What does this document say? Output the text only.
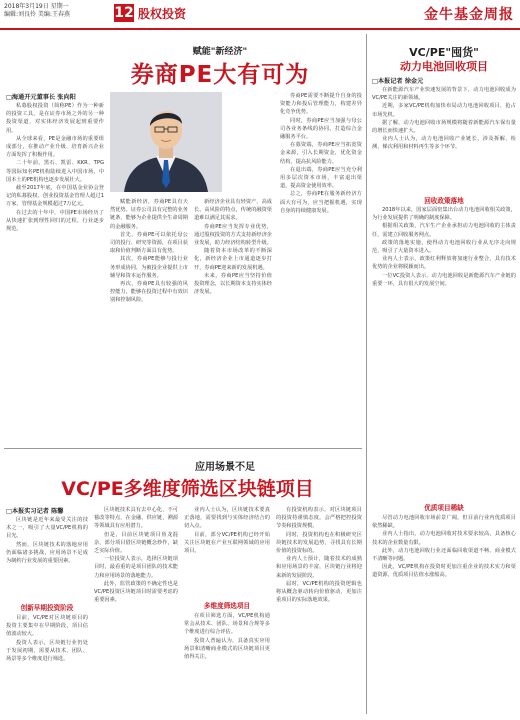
2018年3月19日 星期一
编辑:刘良伶 美编:王春燕	12 股权投资	金牛基金周报
赋能"新经济"
券商PE大有可为
□海通开元董事长 张向阳

私募股权投资（简称PE）作为一种新的投资工具，是在证券市场之外的另一种投资渠道，对实体经济发展起到重要作用。

从全球来看，PE是金融市场的重要组成部分，在推动产业升级、培育新兴企业方面发挥了积极作用。

二十年前，黑石、凯雷、KKR、TPG等国际知名PE机构陆续进入中国市场，中国本土的PE机构也逐步发展壮大。

截至2017年底，在中国基金业协会登记的私募股权、创业投资基金管理人超过1万家，管理基金规模超过7万亿元。

在过去的十年中，中国PE市场经历了从快速扩张到理性回归的过程，行业逐步规范。

赋能新经济，券商PE具有天然优势。证券公司具有完整的业务链条，能够为企业提供全生命周期的金融服务。

首先，券商PE可以依托母公司的投行、研究等资源，在项目获取和价值判断方面具有优势。

其次，券商PE能够与投行业务形成协同，为被投企业提供上市辅导和资本运作服务。

再次，券商PE具有较强的风控能力，能够在投资过程中有效识别和控制风险。

新经济企业具有轻资产、高成长、高风险的特点，传统的融资渠道难以满足其需求。

券商PE应当发挥专业优势，通过股权投资的方式支持新经济企业发展，助力经济结构转型升级。

随着资本市场改革的不断深化，新经济企业上市通道逐步打开，券商PE迎来新的发展机遇。

未来，券商PE应当坚持价值投资理念，以长期资本支持实体经济发展。

券商PE需要不断提升自身的投资能力和投后管理能力，构建差异化竞争优势。

同时，券商PE应当加强与母公司各业务条线的协同，打造综合金融服务平台。

在募资端，券商PE应当拓宽资金来源，引入长期资金，优化资金结构，提高抗风险能力。

在退出端，券商PE应当充分利用多层次资本市场，丰富退出渠道，提高资金使用效率。

总之，券商PE在服务新经济方面大有可为，应当把握机遇，实现自身的持续健康发展。

VC/PE"囤货"
动力电池回收项目
□本报记者 徐金元

在新能源汽车产业快速发展的背景下，动力电池回收成为VC/PE关注的新领域。

近期，多家VC/PE机构加快布局动力电池回收项目，抢占市场先机。

据了解，动力电池回收市场规模将随着新能源汽车保有量的增长而快速扩大。

业内人士认为，动力电池回收产业链长，涉及拆解、检测、梯次利用和材料再生等多个环节。

回收政策落地

2018年以来，国家层面密集出台动力电池回收相关政策，为行业发展提供了明确的制度保障。

根据相关政策，汽车生产企业承担动力电池回收的主体责任，需建立回收服务网点。

政策的落地实施，使得动力电池回收行业从无序走向规范，吸引了大量资本进入。

业内人士表示，政策红利释放将加速行业整合，具有技术优势的企业将脱颖而出。

一位VC投资人表示，动力电池回收是新能源汽车产业链的重要一环，具有很大的发展空间。

优质项目稀缺

尽管动力电池回收市场前景广阔，但目前行业内优质项目依然稀缺。

业内人士指出，动力电池回收对技术要求较高，具备核心技术的企业数量有限。

此外，动力电池回收行业还面临回收渠道不畅、商业模式不清晰等问题。

因此，VC/PE机构在投资时更加注重企业的技术实力和渠道资源，优质项目估值水涨船高。

应用场景不足
VC/PE多维度筛选区块链项目
□本报实习记者 陈馨

区块链是近年来最受关注的技术之一，吸引了大量VC/PE机构的目光。

然而，区块链技术的落地应用仍面临诸多挑战，应用场景不足成为制约行业发展的重要因素。

创新早期投资阶段

目前，VC/PE对区块链项目的投资主要集中在早期阶段，项目估值波动较大。

投资人表示，区块链行业仍处于发展初期，需要从技术、团队、场景等多个维度进行筛选。

区块链技术具有去中心化、不可篡改等特点，在金融、供应链、溯源等领域具有应用潜力。

但是，目前区块链项目鱼龙混杂，部分项目借区块链概念炒作，缺乏实际价值。

一位投资人表示，选择区块链项目时，最看重的是项目团队的技术能力和应用场景的落地能力。

此外，监管政策的不确定性也是VC/PE投资区块链项目时需要考虑的重要因素。

业内人士认为，区块链技术要真正落地，需要找到与实体经济结合的切入点。

目前，部分VC/PE机构已经开始关注区块链在产业互联网领域的应用项目。

多维度筛选项目

在项目筛选方面，VC/PE机构通常会从技术、团队、场景和合规等多个维度进行综合评估。

投资人普遍认为，具备真实应用场景和清晰商业模式的区块链项目更值得关注。

有投资机构表示，对区块链项目的投资持谨慎态度，会严格把控投资节奏和投资规模。

同时，投资机构也在积极研究区块链技术的发展趋势，寻找具有长期价值的投资标的。

业内人士预计，随着技术的成熟和应用场景的丰富，区块链行业将迎来新的发展阶段。

届时，VC/PE机构的投资逻辑也将从概念驱动转向价值驱动，更加注重项目的实际落地效果。
